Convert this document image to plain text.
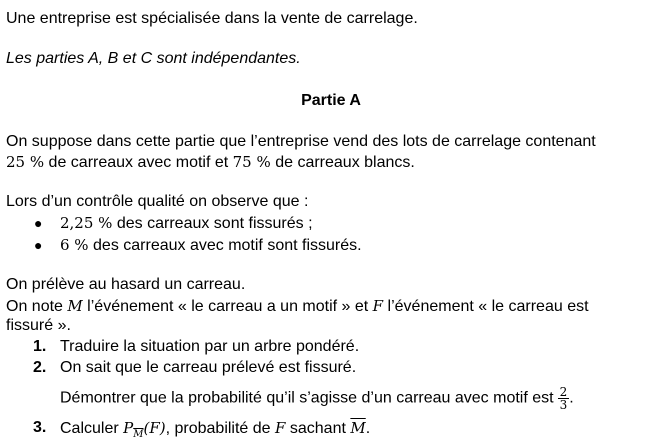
Une entreprise est spécialisée dans la vente de carrelage.
Les parties A, B et C sont indépendantes.
Partie A
On suppose dans cette partie que l’entreprise vend des lots de carrelage contenant
25 % de carreaux avec motif et 75 % de carreaux blancs.
Lors d’un contrôle qualité on observe que :
● 2,25 % des carreaux sont fissurés ;
● 6 % des carreaux avec motif sont fissurés.
On prélève au hasard un carreau.
On note M l’événement « le carreau a un motif » et F l’événement « le carreau est
fissuré ».
1. Traduire la situation par un arbre pondéré.
2. On sait que le carreau prélevé est fissuré.
Démontrer que la probabilité qu’il s’agisse d’un carreau avec motif est $\frac{2}{3}$ .
3. Calculer $P_{\overline{M}}(F)$, probabilité de F sachant $\overline{M}$.
